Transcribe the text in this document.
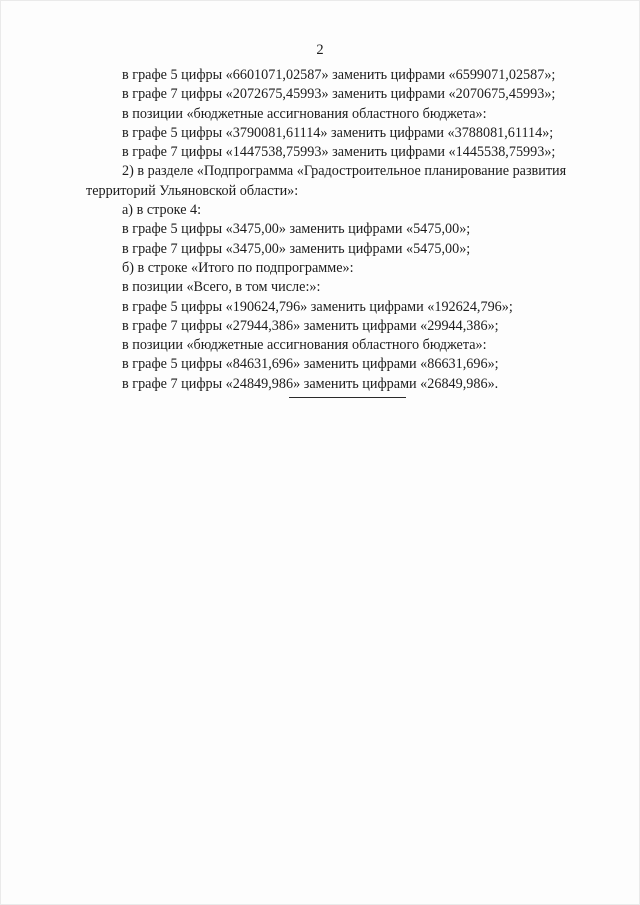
2
в графе 5 цифры «6601071,02587» заменить цифрами «6599071,02587»;
в графе 7 цифры «2072675,45993» заменить цифрами «2070675,45993»;
в позиции «бюджетные ассигнования областного бюджета»:
в графе 5 цифры «3790081,61114» заменить цифрами «3788081,61114»;
в графе 7 цифры «1447538,75993» заменить цифрами «1445538,75993»;
2) в разделе «Подпрограмма «Градостроительное планирование развития
территорий Ульяновской области»:
а) в строке 4:
в графе 5 цифры «3475,00» заменить цифрами «5475,00»;
в графе 7 цифры «3475,00» заменить цифрами «5475,00»;
б) в строке «Итого по подпрограмме»:
в позиции «Всего, в том числе:»:
в графе 5 цифры «190624,796» заменить цифрами «192624,796»;
в графе 7 цифры «27944,386» заменить цифрами «29944,386»;
в позиции «бюджетные ассигнования областного бюджета»:
в графе 5 цифры «84631,696» заменить цифрами «86631,696»;
в графе 7 цифры «24849,986» заменить цифрами «26849,986».
